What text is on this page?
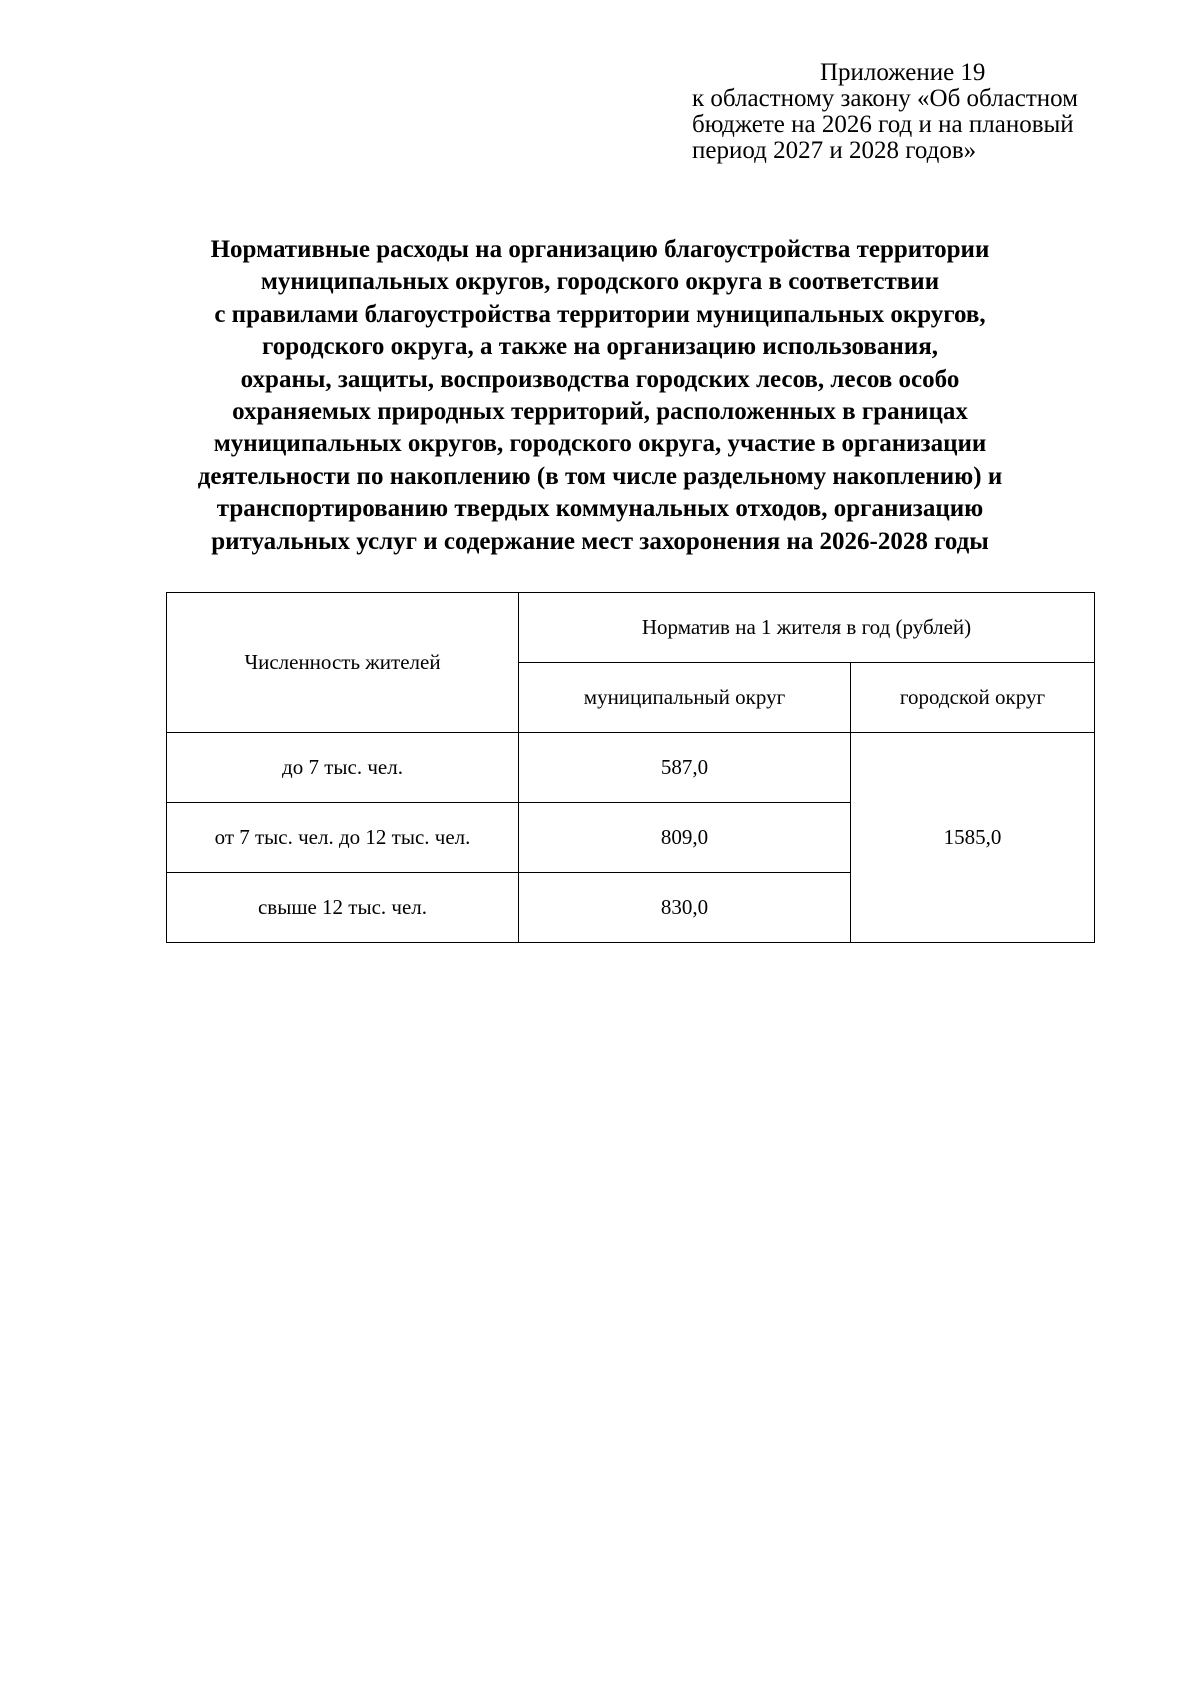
Приложение 19
к областному закону «Об областном
бюджете на 2026 год и на плановый
период 2027 и 2028 годов»
Нормативные расходы на организацию благоустройства территории
муниципальных округов, городского округа в соответствии
с правилами благоустройства территории муниципальных округов,
городского округа, а также на организацию использования,
охраны, защиты, воспроизводства городских лесов, лесов особо
охраняемых природных территорий, расположенных в границах
муниципальных округов, городского округа, участие в организации
деятельности по накоплению (в том числе раздельному накоплению) и
транспортированию твердых коммунальных отходов, организацию
ритуальных услуг и содержание мест захоронения на 2026-2028 годы
Численность жителей	Норматив на 1 жителя в год (рублей)	
	муниципальный округ	городской округ
до 7 тыс. чел.	587,0	1585,0
от 7 тыс. чел. до 12 тыс. чел.	809,0	
свыше 12 тыс. чел.	830,0	
